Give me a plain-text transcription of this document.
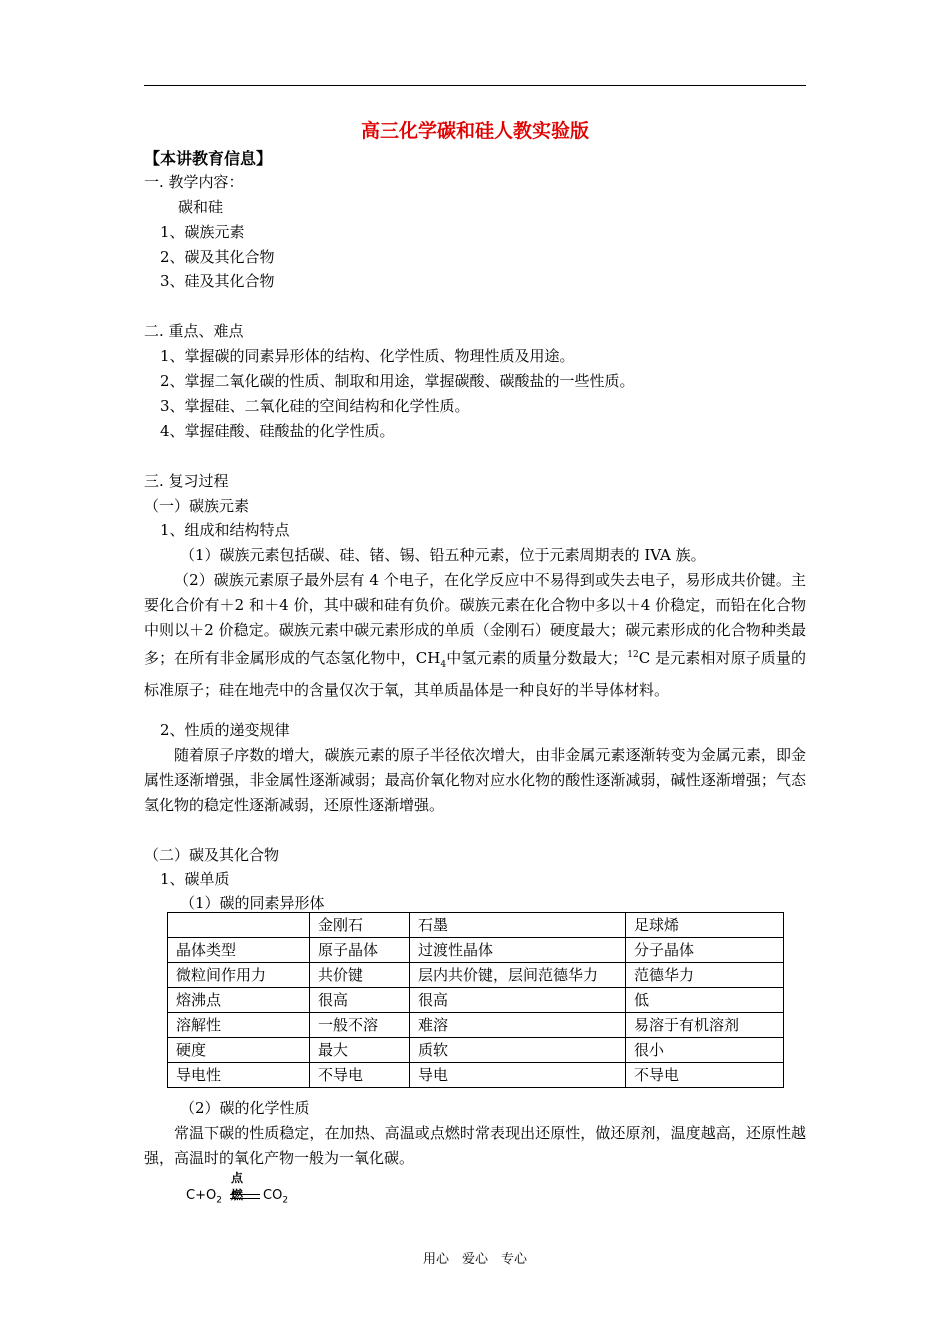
高三化学碳和硅人教实验版
【本讲教育信息】
一. 教学内容：
碳和硅
1、碳族元素
2、碳及其化合物
3、硅及其化合物
二. 重点、难点
1、掌握碳的同素异形体的结构、化学性质、物理性质及用途。
2、掌握二氧化碳的性质、制取和用途，掌握碳酸、碳酸盐的一些性质。
3、掌握硅、二氧化硅的空间结构和化学性质。
4、掌握硅酸、硅酸盐的化学性质。
三. 复习过程
（一）碳族元素
1、组成和结构特点
（1）碳族元素包括碳、硅、锗、锡、铅五种元素，位于元素周期表的 IVA 族。
（2）碳族元素原子最外层有 4 个电子，在化学反应中不易得到或失去电子，易形成共价键。主要化合价有＋2 和＋4 价，其中碳和硅有负价。碳族元素在化合物中多以＋4 价稳定，而铅在化合物中则以＋2 价稳定。碳族元素中碳元素形成的单质（金刚石）硬度最大；碳元素形成的化合物种类最多；在所有非金属形成的气态氢化物中，$CH_4$中氢元素的质量分数最大；$^{12}$C 是元素相对原子质量的标准原子；硅在地壳中的含量仅次于氧，其单质晶体是一种良好的半导体材料。
2、性质的递变规律
随着原子序数的增大，碳族元素的原子半径依次增大，由非金属元素逐渐转变为金属元素，即金属性逐渐增强，非金属性逐渐减弱；最高价氧化物对应水化物的酸性逐渐减弱，碱性逐渐增强；气态氢化物的稳定性逐渐减弱，还原性逐渐增强。
（二）碳及其化合物
1、碳单质
（1）碳的同素异形体
	金刚石	石墨	足球烯
晶体类型	原子晶体	过渡性晶体	分子晶体
微粒间作用力	共价键	层内共价键，层间范德华力	范德华力
熔沸点	很高	很高	低
溶解性	一般不溶	难溶	易溶于有机溶剂
硬度	最大	质软	很小
导电性	不导电	导电	不导电
（2）碳的化学性质
常温下碳的性质稳定，在加热、高温或点燃时常表现出还原性，做还原剂，温度越高，还原性越强，高温时的氧化产物一般为一氧化碳。
点燃
$C+O_2$	$CO_2$
用心　爱心　专心
